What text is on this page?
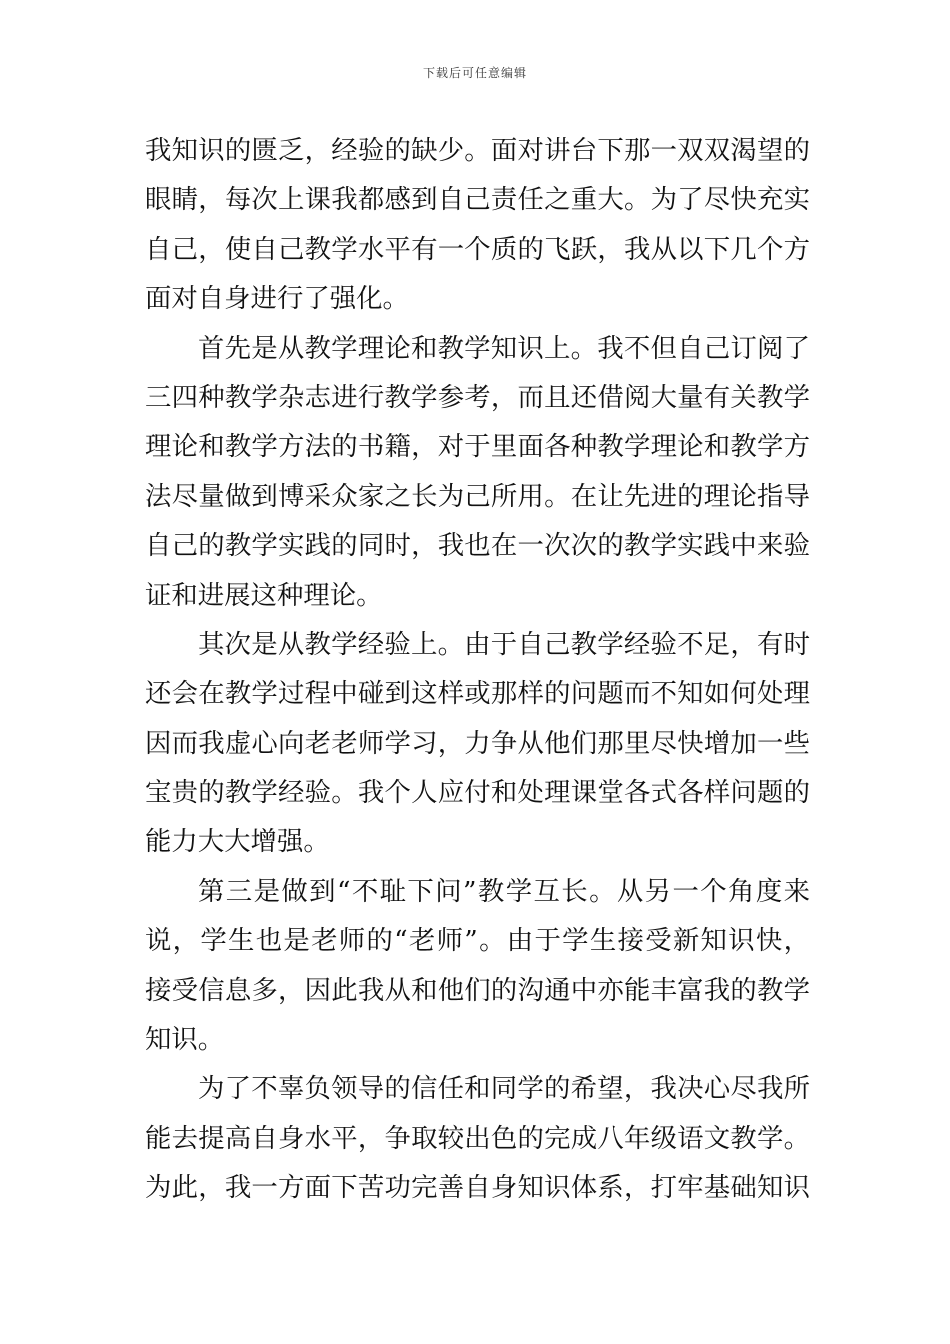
下载后可任意编辑
我知识的匮乏，经验的缺少。面对讲台下那一双双渴望的
眼睛，每次上课我都感到自己责任之重大。为了尽快充实
自己，使自己教学水平有一个质的飞跃，我从以下几个方
面对自身进行了强化。
首先是从教学理论和教学知识上。我不但自己订阅了
三四种教学杂志进行教学参考，而且还借阅大量有关教学
理论和教学方法的书籍，对于里面各种教学理论和教学方
法尽量做到博采众家之长为己所用。在让先进的理论指导
自己的教学实践的同时，我也在一次次的教学实践中来验
证和进展这种理论。
其次是从教学经验上。由于自己教学经验不足，有时
还会在教学过程中碰到这样或那样的问题而不知如何处理
因而我虚心向老老师学习，力争从他们那里尽快增加一些
宝贵的教学经验。我个人应付和处理课堂各式各样问题的
能力大大增强。
第三是做到“不耻下问”教学互长。从另一个角度来
说，学生也是老师的“老师”。由于学生接受新知识快，
接受信息多，因此我从和他们的沟通中亦能丰富我的教学
知识。
为了不辜负领导的信任和同学的希望，我决心尽我所
能去提高自身水平，争取较出色的完成八年级语文教学。
为此，我一方面下苦功完善自身知识体系，打牢基础知识
